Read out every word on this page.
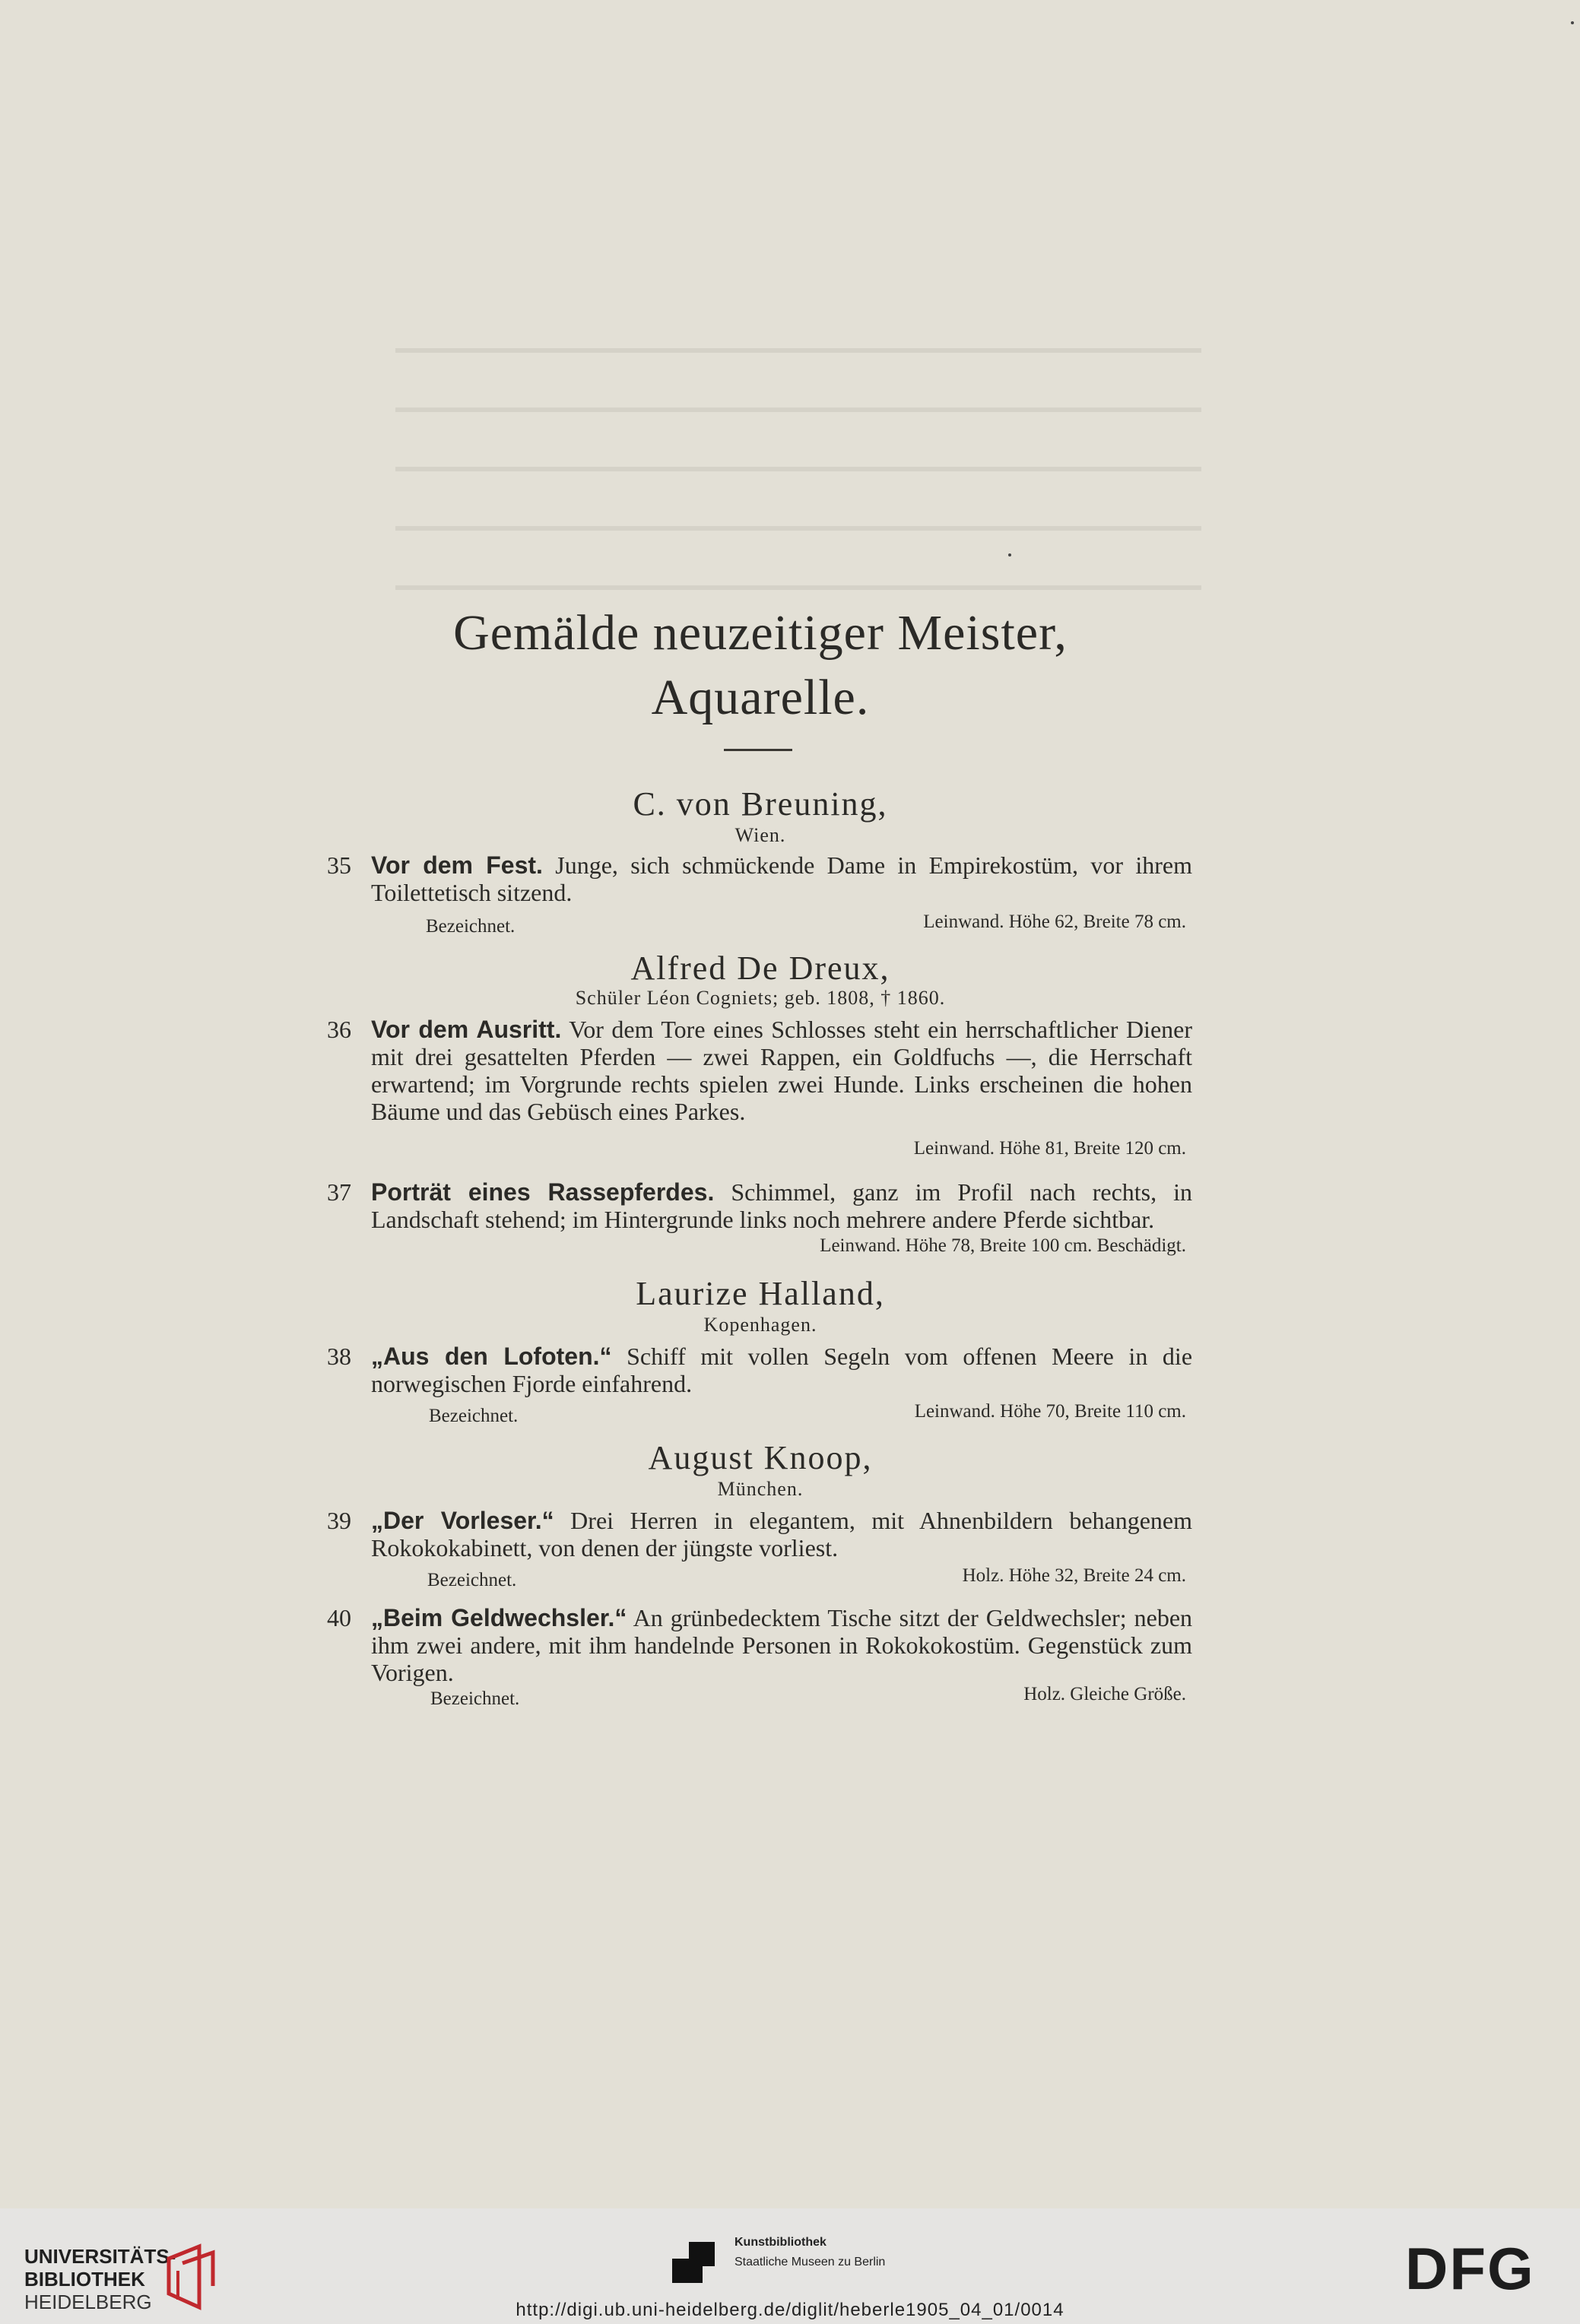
Gemälde neuzeitiger Meister,
Aquarelle.
C. von Breuning,
Wien.
35 Vor dem Fest. Junge, sich schmückende Dame in Empirekostüm, vor ihrem Toilettetisch sitzend.
Bezeichnet.	Leinwand. Höhe 62, Breite 78 cm.
Alfred De Dreux,
Schüler Léon Cogniets; geb. 1808, † 1860.
36 Vor dem Ausritt. Vor dem Tore eines Schlosses steht ein herrschaftlicher Diener mit drei gesattelten Pferden — zwei Rappen, ein Goldfuchs —, die Herrschaft erwartend; im Vorgrunde rechts spielen zwei Hunde. Links erscheinen die hohen Bäume und das Gebüsch eines Parkes.
Leinwand. Höhe 81, Breite 120 cm.
37 Porträt eines Rassepferdes. Schimmel, ganz im Profil nach rechts, in Landschaft stehend; im Hintergrunde links noch mehrere andere Pferde sichtbar.
Leinwand. Höhe 78, Breite 100 cm. Beschädigt.
Laurize Halland,
Kopenhagen.
38 „Aus den Lofoten.“ Schiff mit vollen Segeln vom offenen Meere in die norwegischen Fjorde einfahrend.
Bezeichnet.	Leinwand. Höhe 70, Breite 110 cm.
August Knoop,
München.
39 „Der Vorleser.“ Drei Herren in elegantem, mit Ahnenbildern behangenem Rokokokabinett, von denen der jüngste vorliest.
Bezeichnet.	Holz. Höhe 32, Breite 24 cm.
40 „Beim Geldwechsler.“ An grünbedecktem Tische sitzt der Geldwechsler; neben ihm zwei andere, mit ihm handelnde Personen in Rokokokostüm. Gegenstück zum Vorigen.
Bezeichnet.	Holz. Gleiche Größe.
UNIVERSITÄTS-
BIBLIOTHEK
HEIDELBERG
Kunstbibliothek
Staatliche Museen zu Berlin	DFG
http://digi.ub.uni-heidelberg.de/diglit/heberle1905_04_01/0014
